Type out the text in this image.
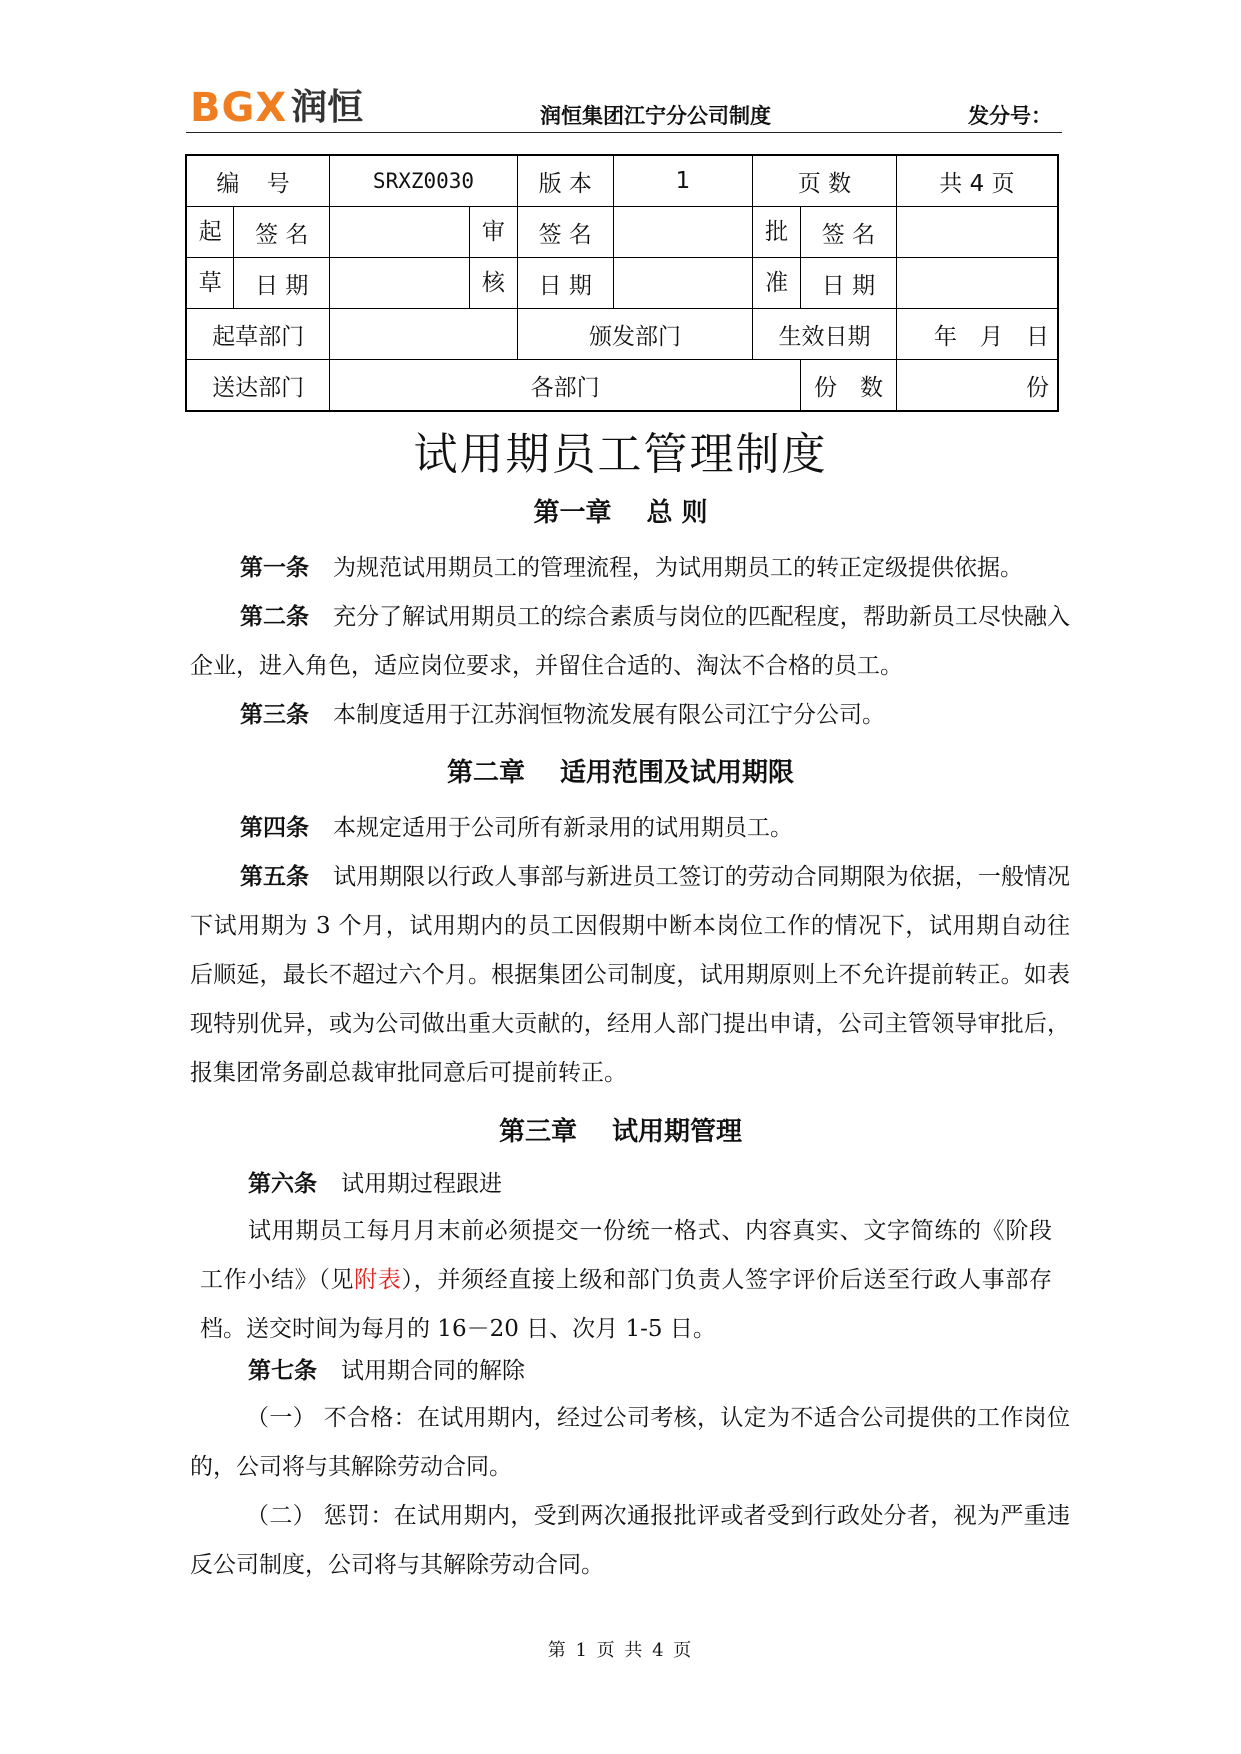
BGX 润恒	润恒集团江宁分公司制度	发分号：
编 号		SRXZ0030		版 本	1	页 数		共 4 页
起	签 名		审	签 名		批	签 名	
草	日 期		核	日 期		准	日 期	
起草部门				颁发部门		生效日期		年　月　日
送达部门		各部门					份　数	份
试用期员工管理制度
第一章　 总 则
第一条 为规范试用期员工的管理流程，为试用期员工的转正定级提供依据。
第二条 充分了解试用期员工的综合素质与岗位的匹配程度，帮助新员工尽快融入企业，进入角色，适应岗位要求，并留住合适的、淘汰不合格的员工。
第三条 本制度适用于江苏润恒物流发展有限公司江宁分公司。
第二章　 适用范围及试用期限
第四条 本规定适用于公司所有新录用的试用期员工。
第五条 试用期限以行政人事部与新进员工签订的劳动合同期限为依据，一般情况下试用期为 3 个月，试用期内的员工因假期中断本岗位工作的情况下，试用期自动往后顺延，最长不超过六个月。根据集团公司制度，试用期原则上不允许提前转正。如表现特别优异，或为公司做出重大贡献的，经用人部门提出申请，公司主管领导审批后，报集团常务副总裁审批同意后可提前转正。
第三章　 试用期管理
第六条 试用期过程跟进
试用期员工每月月末前必须提交一份统一格式、内容真实、文字简练的《阶段工作小结》（见附表），并须经直接上级和部门负责人签字评价后送至行政人事部存档。送交时间为每月的 16－20 日、次月 1-5 日。
第七条 试用期合同的解除
（一） 不合格：在试用期内，经过公司考核，认定为不适合公司提供的工作岗位的，公司将与其解除劳动合同。
（二） 惩罚：在试用期内，受到两次通报批评或者受到行政处分者，视为严重违反公司制度，公司将与其解除劳动合同。
第 1 页 共 4 页
